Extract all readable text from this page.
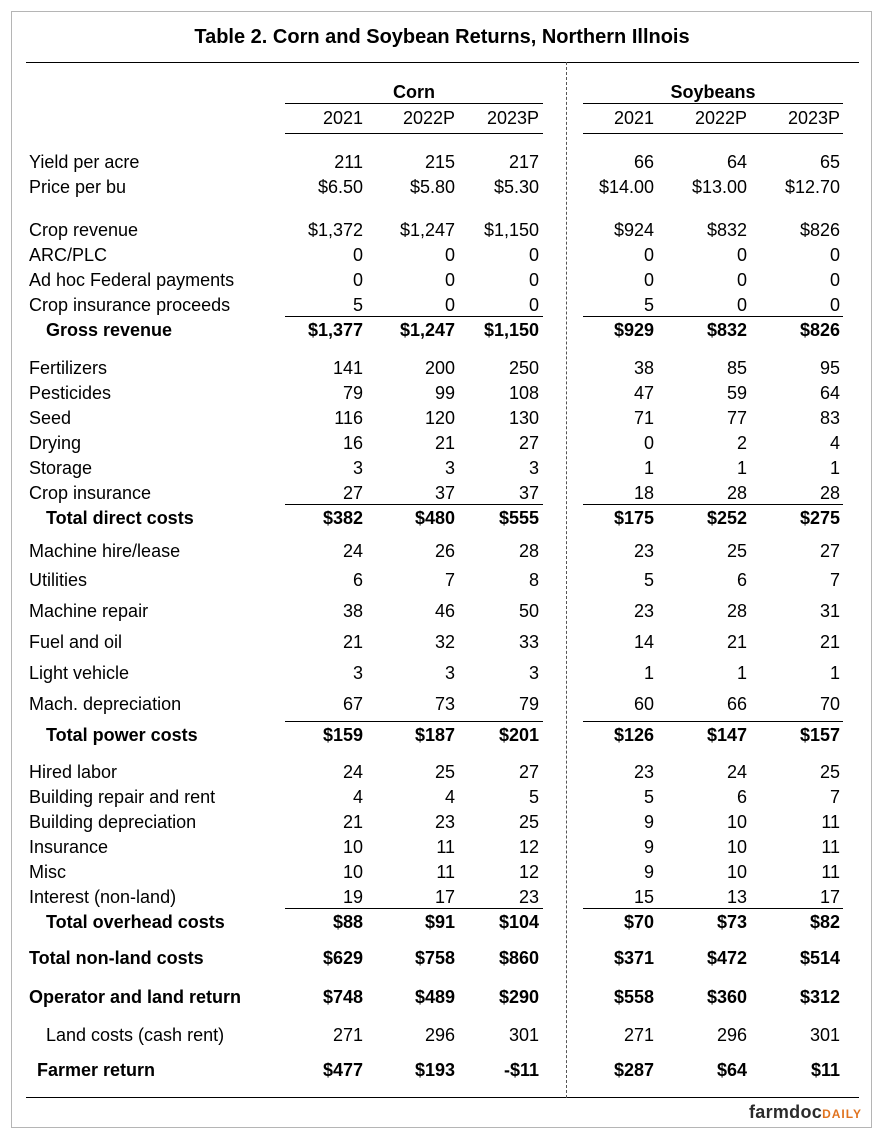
Table 2. Corn and Soybean Returns, Northern Illnois
Corn	Soybeans
2021	2022P	2023P	2021	2022P	2023P
Yield per acre	211	215	217	66	64	65
Price per bu	$6.50	$5.80	$5.30	$14.00	$13.00	$12.70
Crop revenue	$1,372	$1,247	$1,150	$924	$832	$826
ARC/PLC	0	0	0	0	0	0
Ad hoc Federal payments	0	0	0	0	0	0
Crop insurance proceeds	5	0	0	5	0	0
Gross revenue	$1,377	$1,247	$1,150	$929	$832	$826
Fertilizers	141	200	250	38	85	95
Pesticides	79	99	108	47	59	64
Seed	116	120	130	71	77	83
Drying	16	21	27	0	2	4
Storage	3	3	3	1	1	1
Crop insurance	27	37	37	18	28	28
Total direct costs	$382	$480	$555	$175	$252	$275
Machine hire/lease	24	26	28	23	25	27
Utilities	6	7	8	5	6	7
Machine repair	38	46	50	23	28	31
Fuel and oil	21	32	33	14	21	21
Light vehicle	3	3	3	1	1	1
Mach. depreciation	67	73	79	60	66	70
Total power costs	$159	$187	$201	$126	$147	$157
Hired labor	24	25	27	23	24	25
Building repair and rent	4	4	5	5	6	7
Building depreciation	21	23	25	9	10	11
Insurance	10	11	12	9	10	11
Misc	10	11	12	9	10	11
Interest (non-land)	19	17	23	15	13	17
Total overhead costs	$88	$91	$104	$70	$73	$82
Total non-land costs	$629	$758	$860	$371	$472	$514
Operator and land return	$748	$489	$290	$558	$360	$312
Land costs (cash rent)	271	296	301	271	296	301
Farmer return	$477	$193	-$11	$287	$64	$11
farmdocDAILY
